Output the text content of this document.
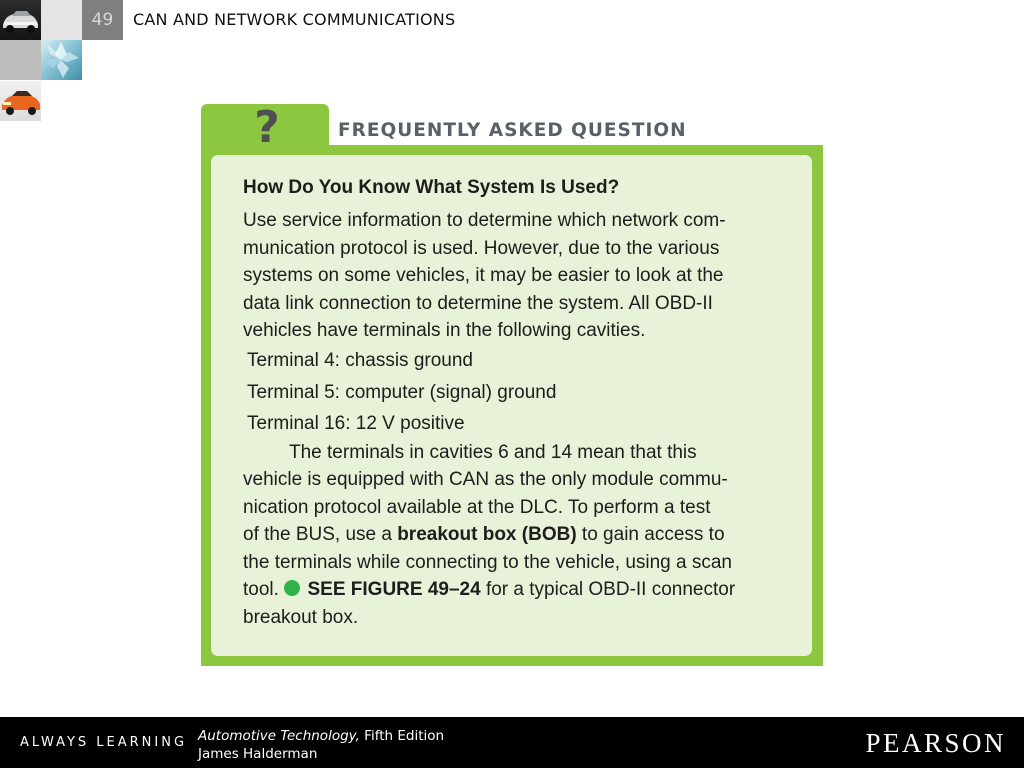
49	CAN AND NETWORK COMMUNICATIONS
How Do You Know What System Is Used?
Use service information to determine which network com-
munication protocol is used. However, due to the various
systems on some vehicles, it may be easier to look at the
data link connection to determine the system. All OBD-II
vehicles have terminals in the following cavities.
Terminal 4: chassis ground
Terminal 5: computer (signal) ground
Terminal 16: 12 V positive
The terminals in cavities 6 and 14 mean that this
vehicle is equipped with CAN as the only module commu-
nication protocol available at the DLC. To perform a test
of the BUS, use a breakout box (BOB) to gain access to
the terminals while connecting to the vehicle, using a scan
tool.  SEE FIGURE 49–24 for a typical OBD-II connector
breakout box.
?	FREQUENTLY ASKED QUESTION
ALWAYS LEARNING Automotive Technology, Fifth Edition
James Halderman	PEARSON
